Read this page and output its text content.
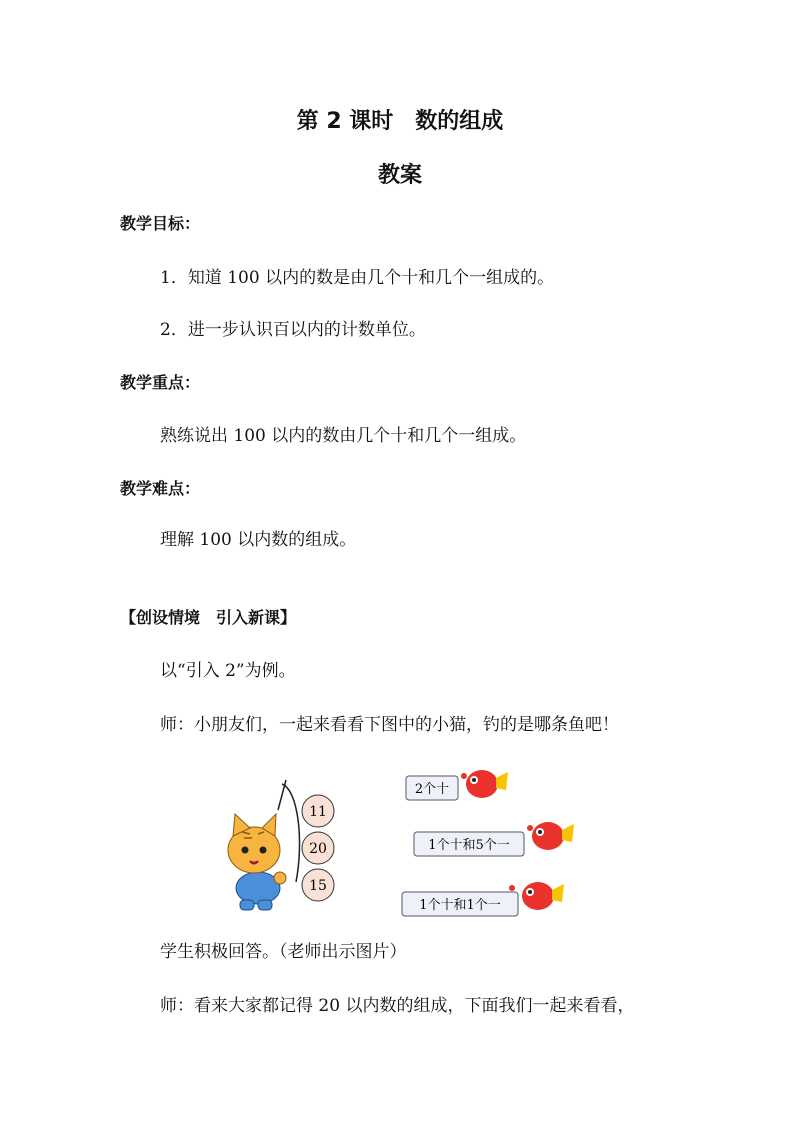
第 2 课时　数的组成
教案
教学目标：
1．知道 100 以内的数是由几个十和几个一组成的。
2．进一步认识百以内的计数单位。
教学重点：
熟练说出 100 以内的数由几个十和几个一组成。
教学难点：
理解 100 以内数的组成。
【创设情境　引入新课】
以“引入 2”为例。
师：小朋友们，一起来看看下图中的小猫，钓的是哪条鱼吧！
11
20
15
2个十
1个十和5个一
1个十和1个一
学生积极回答。（老师出示图片）
师：看来大家都记得 20 以内数的组成，下面我们一起来看看，
